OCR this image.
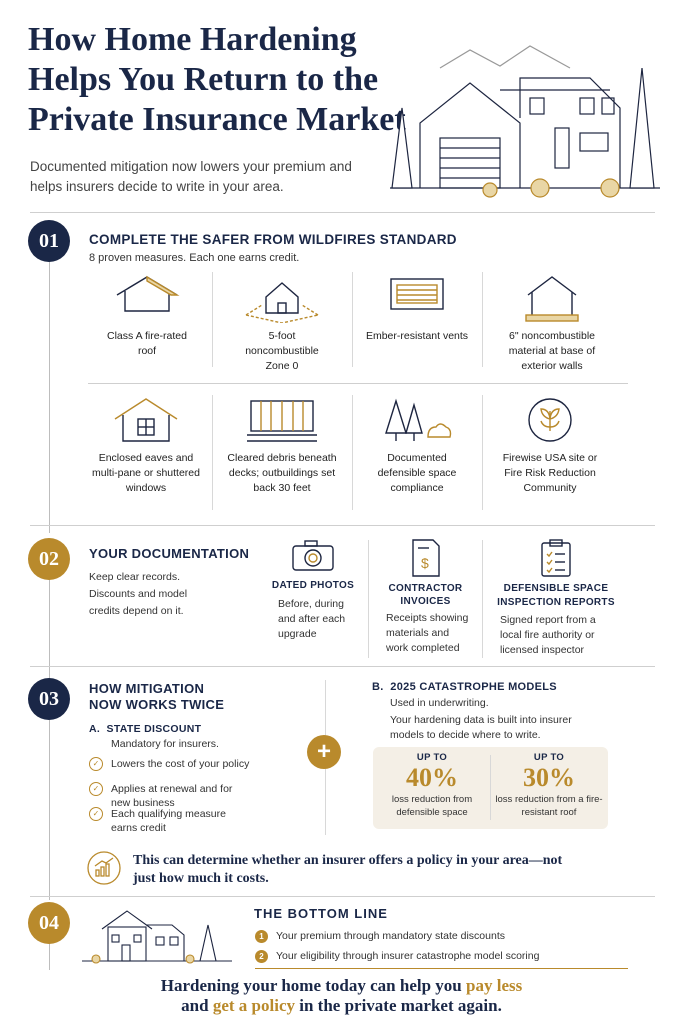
How Home Hardening Helps You Return to the Private Insurance Market
Documented mitigation now lowers your premium and helps insurers decide to write in your area.
01	COMPLETE THE SAFER FROM WILDFIRES STANDARD
8 proven measures. Each one earns credit.
Class A fire-rated roof
5-foot noncombustible Zone 0
Ember-resistant vents	6" noncombustible material at base of exterior walls
Enclosed eaves and multi-pane or shuttered windows
Cleared debris beneath decks; outbuildings set back 30 feet
Documented defensible space compliance
Firewise USA site or Fire Risk Reduction Community
02	YOUR DOCUMENTATION
Keep clear records. Discounts and model credits depend on it.
DATED PHOTOS
Before, during and after each upgrade
$
CONTRACTOR INVOICES
Receipts showing materials and work completed
DEFENSIBLE SPACE INSPECTION REPORTS
Signed report from a local fire authority or licensed inspector
03	HOW MITIGATION NOW WORKS TWICE
A.  STATE DISCOUNT
Mandatory for insurers.
✓	Lowers the cost of your policy
✓	Applies at renewal and for new business
✓	Each qualifying measure earns credit
+
B.  2025 CATASTROPHE MODELS
Used in underwriting.
Your hardening data is built into insurer models to decide where to write.
UP TO
40%
loss reduction from defensible space
UP TO
30%
loss reduction from a fire-resistant roof
This can determine whether an insurer offers a policy in your area—not just how much it costs.
04	THE BOTTOM LINE
1	Your premium through mandatory state discounts
2	Your eligibility through insurer catastrophe model scoring
Hardening your home today can help you pay less
and get a policy in the private market again.
